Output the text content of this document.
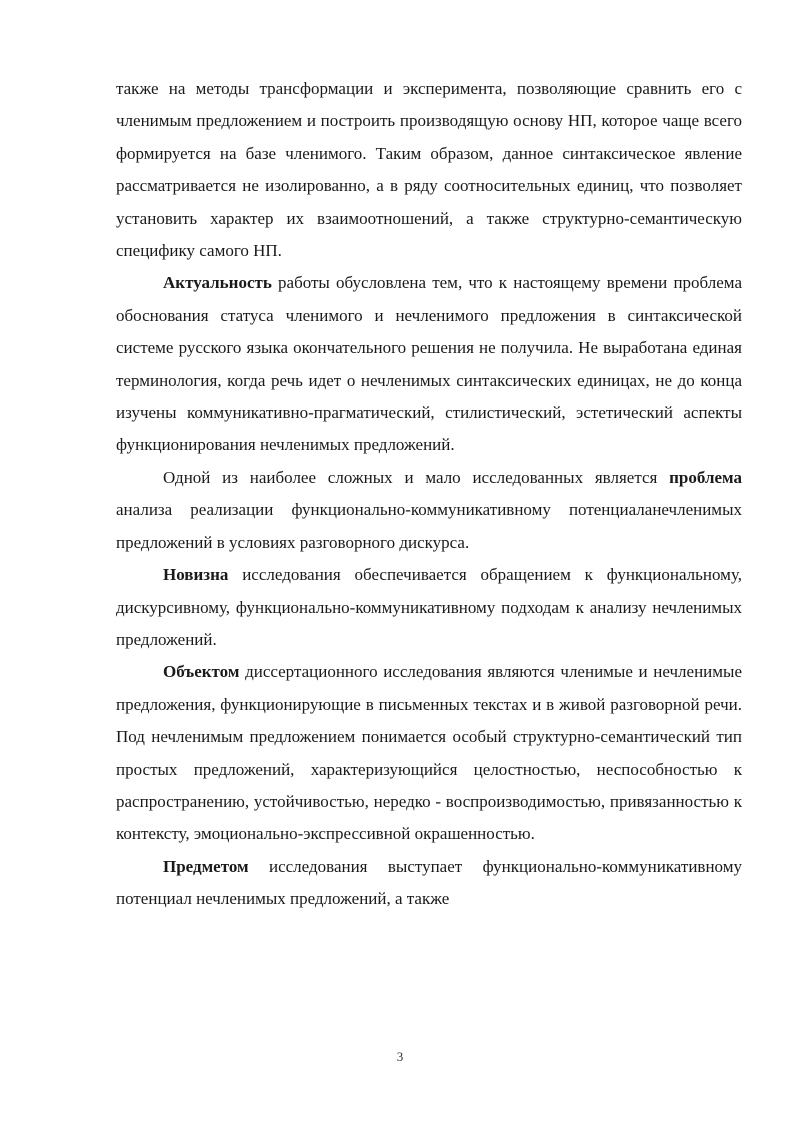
также на методы трансформации и эксперимента, позволяющие сравнить его с членимым предложением и построить производящую основу НП, которое чаще всего формируется на базе членимого. Таким образом, данное синтаксическое явление рассматривается не изолированно, а в ряду соотносительных единиц, что позволяет установить характер их взаимоотношений, а также структурно-семантическую специфику самого НП.

Актуальность работы обусловлена тем, что к настоящему времени проблема обоснования статуса членимого и нечленимого предложения в синтаксической системе русского языка окончательного решения не получила. Не выработана единая терминология, когда речь идет о нечленимых синтаксических единицах, не до конца изучены коммуникативно-прагматический, стилистический, эстетический аспекты функционирования нечленимых предложений.

Одной из наиболее сложных и мало исследованных является проблема анализа реализации функционально-коммуникативному потенциаланечленимых предложений в условиях разговорного дискурса.

Новизна исследования обеспечивается обращением к функциональному, дискурсивному, функционально-коммуникативному подходам к анализу нечленимых предложений.

Объектом диссертационного исследования являются членимые и нечленимые предложения, функционирующие в письменных текстах и в живой разговорной речи. Под нечленимым предложением понимается особый структурно-семантический тип простых предложений, характеризующийся целостностью, неспособностью к распространению, устойчивостью, нередко - воспроизводимостью, привязанностью к контексту, эмоционально-экспрессивной окрашенностью.

Предметом исследования выступает функционально-коммуникативному потенциал нечленимых предложений, а также

3
